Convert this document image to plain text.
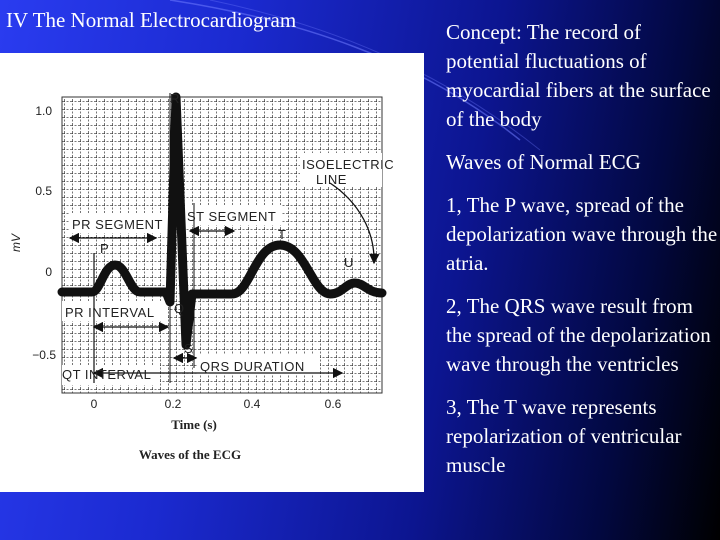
IV The Normal Electrocardiogram
R
P
Q
S
T
U
ISOELECTRIC
LINE
PR SEGMENT
ST SEGMENT
PR INTERVAL
QRS DURATION
QT INTERVAL
1.0
0.5
0
−0.5
mV
0	0.2	0.4	0.6
Time (s)
Waves of the ECG

Concept: The record of potential fluctuations of myocardial fibers at the surface of the body

Waves of Normal ECG

1, The P wave, spread of the depolarization wave through the atria.

2, The QRS wave result from the spread of the depolarization wave through the ventricles

3, The T wave represents repolarization of ventricular muscle
